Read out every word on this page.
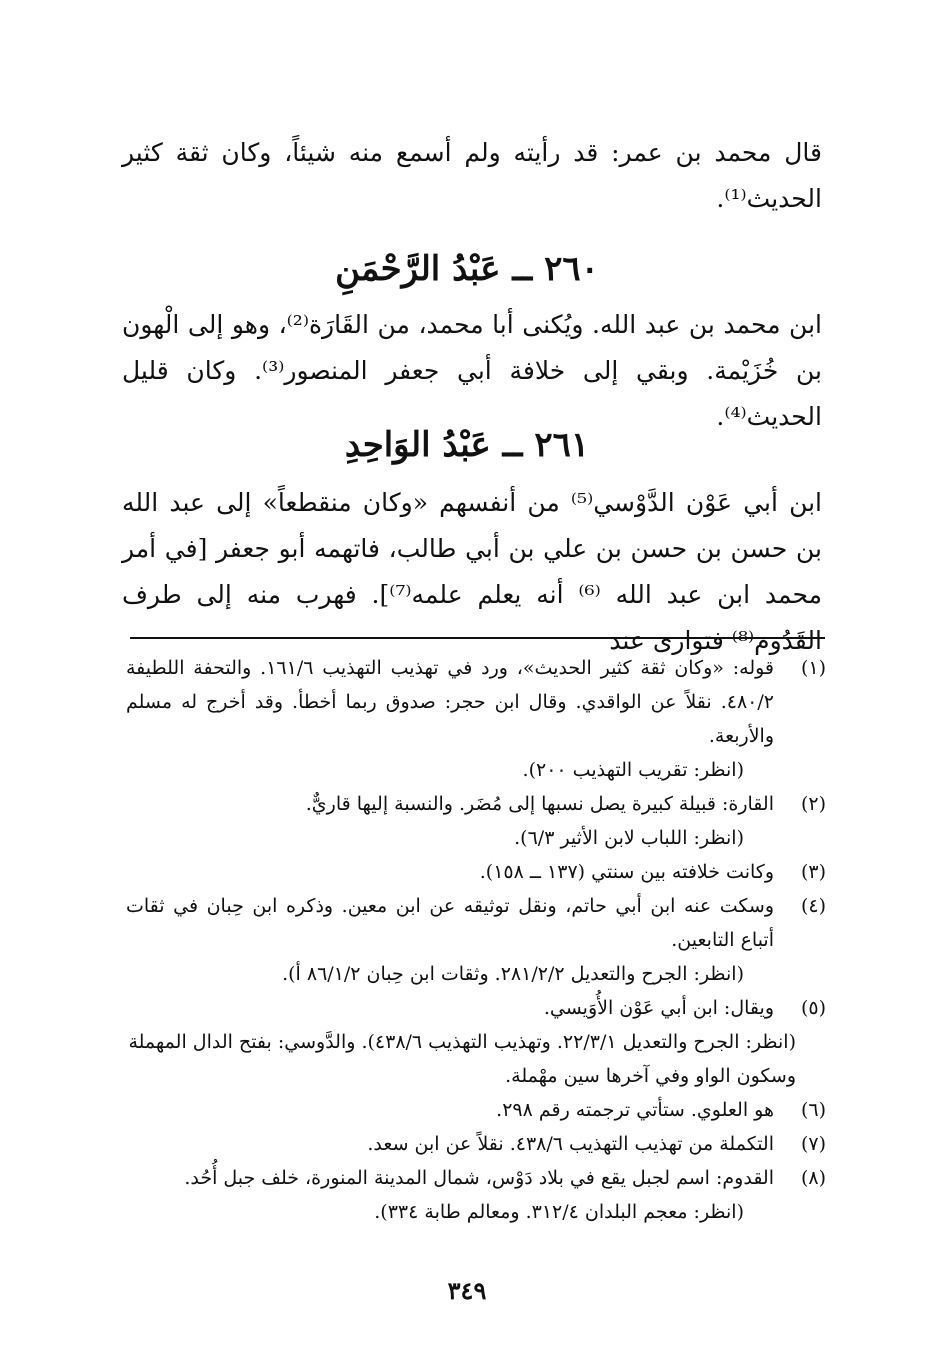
قال محمد بن عمر: قد رأيته ولم أسمع منه شيئاً، وكان ثقة كثير الحديث⁽¹⁾.

٢٦٠ ــ عَبْدُ الرَّحْمَنِ

ابن محمد بن عبد الله. ويُكنى أبا محمد، من القَارَة⁽²⁾، وهو إلى الْهون بن خُزَيْمة. وبقي إلى خلافة أبي جعفر المنصور⁽³⁾. وكان قليل الحديث⁽⁴⁾.

٢٦١ ــ عَبْدُ الوَاحِدِ

ابن أبي عَوْن الدَّوْسي⁽⁵⁾ من أنفسهم «وكان منقطعاً» إلى عبد الله بن حسن بن حسن بن علي بن أبي طالب، فاتهمه أبو جعفر [في أمر محمد ابن عبد الله ⁽⁶⁾ أنه يعلم علمه⁽⁷⁾]. فهرب منه إلى طرف القَدُوم⁽⁸⁾ فتوارى عند

(١)

قوله: «وكان ثقة كثير الحديث»، ورد في تهذيب التهذيب ١٦١/٦. والتحفة اللطيفة ٤٨٠/٢. نقلاً عن الواقدي. وقال ابن حجر: صدوق ربما أخطأ. وقد أخرج له مسلم والأربعة.

(انظر: تقريب التهذيب ٢٠٠).

(٢)

القارة: قبيلة كبيرة يصل نسبها إلى مُضَر. والنسبة إليها قاريٌّ.

(انظر: اللباب لابن الأثير ٦/٣).

(٣)

وكانت خلافته بين سنتي (١٣٧ ــ ١٥٨).

(٤)

وسكت عنه ابن أبي حاتم، ونقل توثيقه عن ابن معين. وذكره ابن حِبان في ثقات أتباع التابعين.

(انظر: الجرح والتعديل ٢٨١/٢/٢. وثقات ابن حِبان ٨٦/١/٢ أ).

(٥)

ويقال: ابن أبي عَوْن الأُوَيسي.

(انظر: الجرح والتعديل ٢٢/٣/١. وتهذيب التهذيب ٤٣٨/٦). والدَّوسي: بفتح الدال المهملة وسكون الواو وفي آخرها سين مهْملة.

(٦)

هو العلوي. ستأتي ترجمته رقم ٢٩٨.

(٧)

التكملة من تهذيب التهذيب ٤٣٨/٦. نقلاً عن ابن سعد.

(٨)

القدوم: اسم لجبل يقع في بلاد دَوْس، شمال المدينة المنورة، خلف جبل أُحُد.

(انظر: معجم البلدان ٣١٢/٤. ومعالم طابة ٣٣٤).

٣٤٩
